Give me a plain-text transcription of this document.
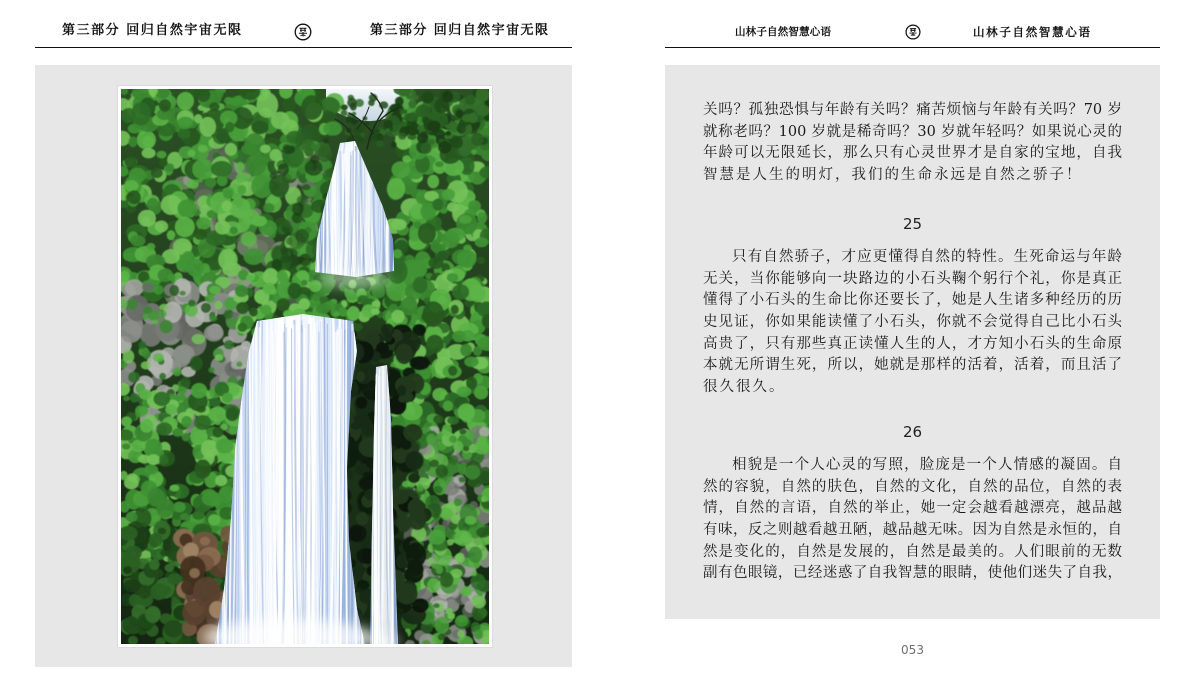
第三部分 回归自然宇宙无限	第三部分 回归自然宇宙无限	山林子自然智慧心语	山林子自然智慧心语
关吗？孤独恐惧与年龄有关吗？痛苦烦恼与年龄有关吗？70 岁
就称老吗？100 岁就是稀奇吗？30 岁就年轻吗？如果说心灵的
年龄可以无限延长，那么只有心灵世界才是自家的宝地，自我
智慧是人生的明灯，我们的生命永远是自然之骄子！
25
只有自然骄子，才应更懂得自然的特性。生死命运与年龄
无关，当你能够向一块路边的小石头鞠个躬行个礼，你是真正
懂得了小石头的生命比你还要长了，她是人生诸多种经历的历
史见证，你如果能读懂了小石头，你就不会觉得自己比小石头
高贵了，只有那些真正读懂人生的人，才方知小石头的生命原
本就无所谓生死，所以，她就是那样的活着，活着，而且活了
很久很久。
26
相貌是一个人心灵的写照，脸庞是一个人情感的凝固。自
然的容貌，自然的肤色，自然的文化，自然的品位，自然的表
情，自然的言语，自然的举止，她一定会越看越漂亮，越品越
有味，反之则越看越丑陋，越品越无味。因为自然是永恒的，自
然是变化的，自然是发展的，自然是最美的。人们眼前的无数
副有色眼镜，已经迷惑了自我智慧的眼睛，使他们迷失了自我，
053
